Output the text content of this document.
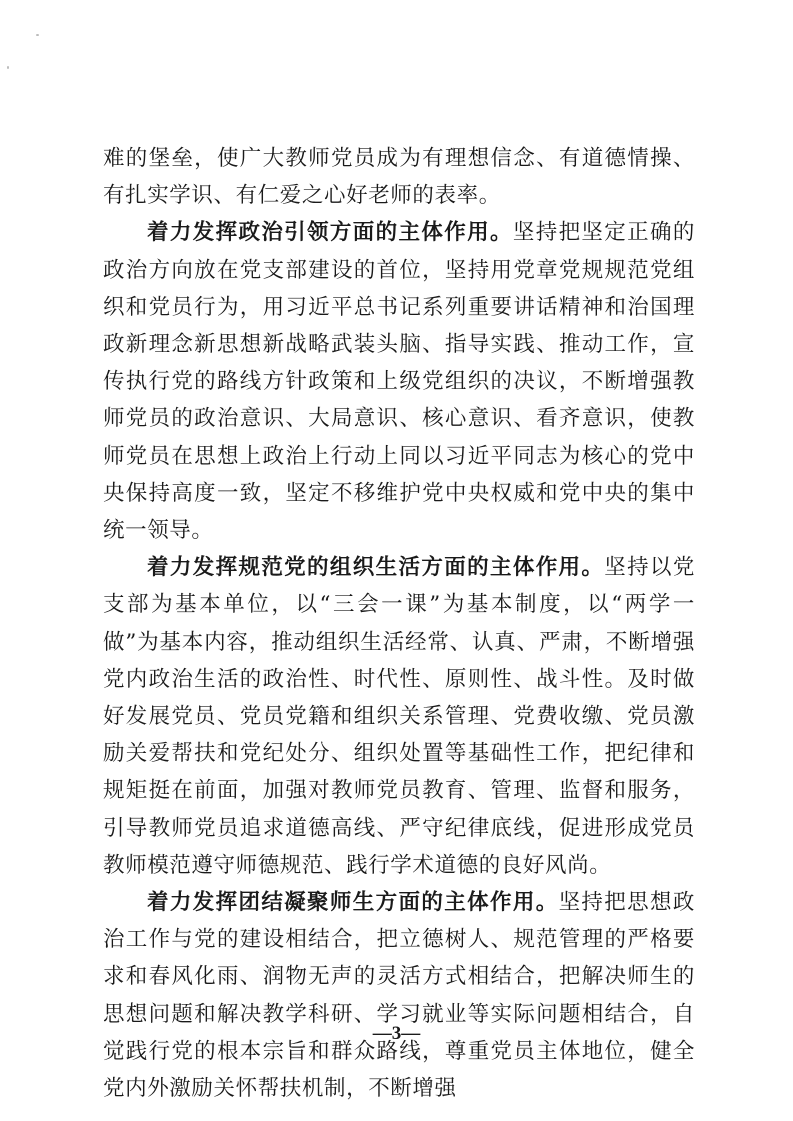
难的堡垒，使广大教师党员成为有理想信念、有道德情操、有扎实学识、有仁爱之心好老师的表率。

着力发挥政治引领方面的主体作用。坚持把坚定正确的政治方向放在党支部建设的首位，坚持用党章党规规范党组织和党员行为，用习近平总书记系列重要讲话精神和治国理政新理念新思想新战略武装头脑、指导实践、推动工作，宣传执行党的路线方针政策和上级党组织的决议，不断增强教师党员的政治意识、大局意识、核心意识、看齐意识，使教师党员在思想上政治上行动上同以习近平同志为核心的党中央保持高度一致，坚定不移维护党中央权威和党中央的集中统一领导。

着力发挥规范党的组织生活方面的主体作用。坚持以党支部为基本单位，以“三会一课”为基本制度，以“两学一做”为基本内容，推动组织生活经常、认真、严肃，不断增强党内政治生活的政治性、时代性、原则性、战斗性。及时做好发展党员、党员党籍和组织关系管理、党费收缴、党员激励关爱帮扶和党纪处分、组织处置等基础性工作，把纪律和规矩挺在前面，加强对教师党员教育、管理、监督和服务，引导教师党员追求道德高线、严守纪律底线，促进形成党员教师模范遵守师德规范、践行学术道德的良好风尚。

着力发挥团结凝聚师生方面的主体作用。坚持把思想政治工作与党的建设相结合，把立德树人、规范管理的严格要求和春风化雨、润物无声的灵活方式相结合，把解决师生的思想问题和解决教学科研、学习就业等实际问题相结合，自觉践行党的根本宗旨和群众路线，尊重党员主体地位，健全党内外激励关怀帮扶机制，不断增强

—3—
